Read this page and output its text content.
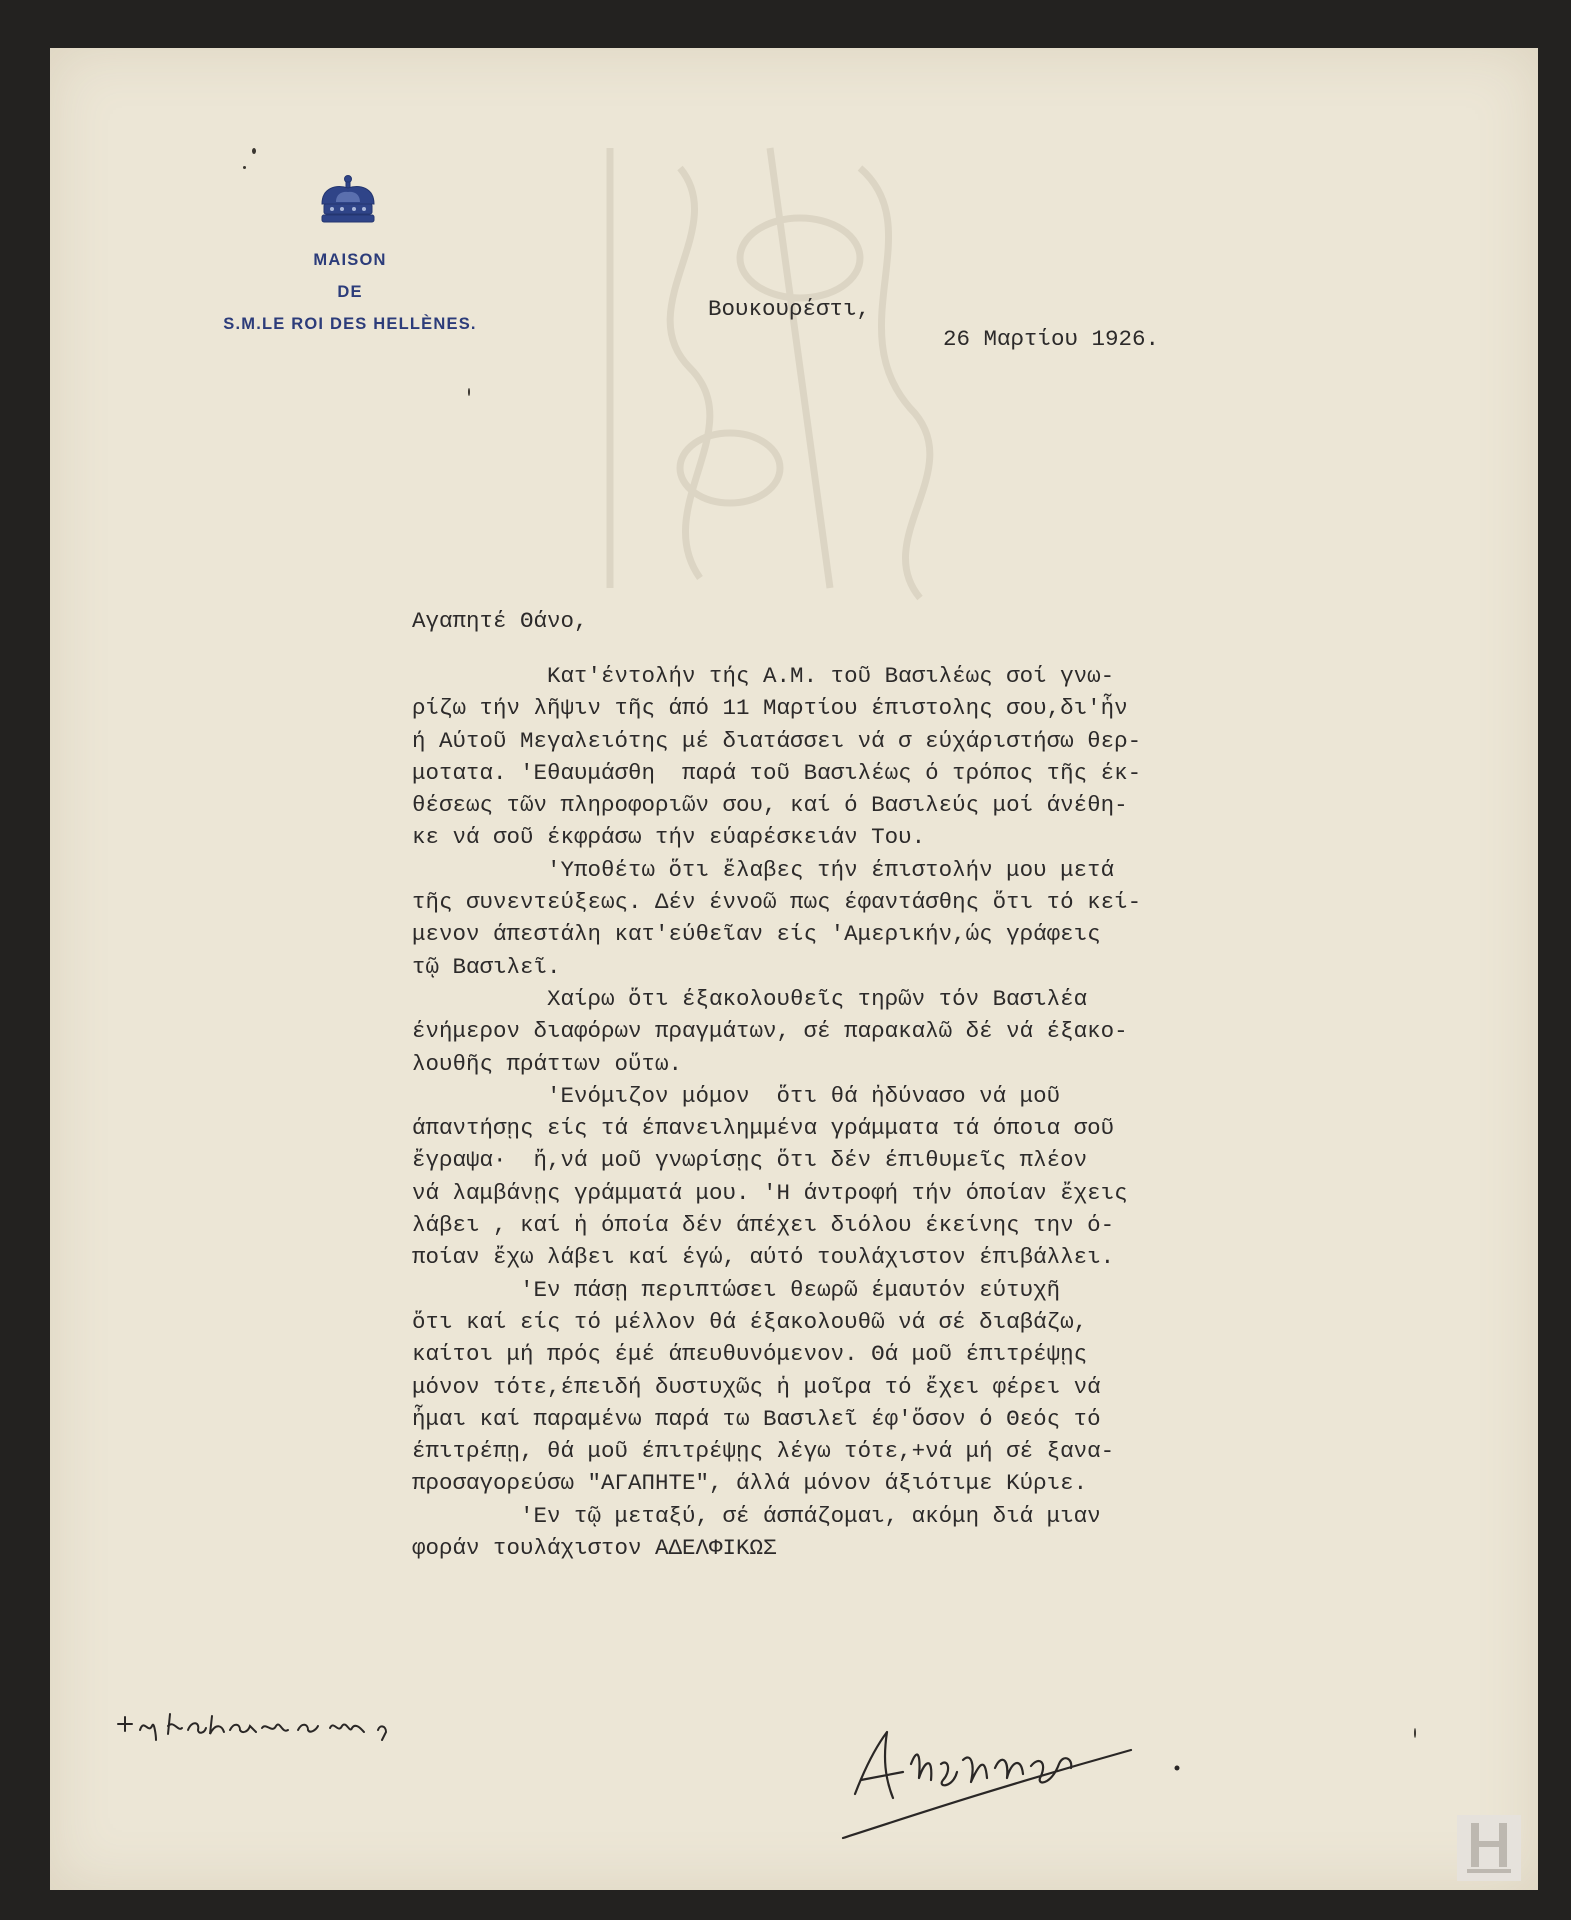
MAISON
DE
S.M.LE ROI DES HELLÈNES.
Βουκουρέστι,
26 Μαρτίου 1926.
Αγαπητέ Θάνο,
Κατ'έντολήν τής Α.Μ. τοῦ Βασιλέως σοί γνω-
ρίζω τήν λῆψιν τῆς άπό 11 Μαρτίου έπιστολης σου,δι'ἧν
ή Αύτοῦ Μεγαλειότης μέ διατάσσει νά σ εύχάριστήσω θερ-
μοτατα. 'Εθαυμάσθη  παρά τοῦ Βασιλέως ό τρόπος τῆς έκ-
θέσεως τῶν πληροφοριῶν σου, καί ό Βασιλεύς μοί άνέθη-
κε νά σοῦ έκφράσω τήν εύαρέσκειάν Του.
'Υποθέτω ὅτι ἔλαβες τήν έπιστολήν μου μετά
τῆς συνεντεύξεως. Δέν έννοῶ πως έφαντάσθης ὅτι τό κεί-
μενον άπεστάλη κατ'εύθεῖαν είς 'Αμερικήν,ώς γράφεις
τῷ Βασιλεῖ.
Χαίρω ὅτι έξακολουθεῖς τηρῶν τόν Βασιλέα
ένήμερον διαφόρων πραγμάτων, σέ παρακαλῶ δέ νά έξακο-
λουθῆς πράττων οὕτω.
'Ενόμιζον μόμον  ὅτι θά ἠδύνασο νά μοῦ
άπαντήσῃς είς τά έπανειλημμένα γράμματα τά όποια σοῦ
ἔγραψα·  ἤ,νά μοῦ γνωρίσῃς ὅτι δέν έπιθυμεῖς πλέον
νά λαμβάνῃς γράμματά μου. 'Η άντροφή τήν όποίαν ἔχεις
λάβει , καί ἡ όποία δέν άπέχει διόλου έκείνης την ό-
ποίαν ἔχω λάβει καί έγώ, αύτό τουλάχιστον έπιβάλλει.
'Εν πάσῃ περιπτώσει θεωρῶ έμαυτόν εύτυχῆ
ὅτι καί είς τό μέλλον θά έξακολουθῶ νά σέ διαβάζω,
καίτοι μή πρός έμέ άπευθυνόμενον. Θά μοῦ έπιτρέψῃς
μόνον τότε,έπειδή δυστυχῶς ἡ μοῖρα τό ἔχει φέρει νά
ἦμαι καί παραμένω παρά τω Βασιλεῖ έφ'ὅσον ό Θεός τό
έπιτρέπῃ, θά μοῦ έπιτρέψῃς λέγω τότε,+νά μή σέ ξανα-
προσαγορεύσω "ΑΓΑΠΗΤΕ", άλλά μόνον άξιότιμε Κύριε.
'Εν τῷ μεταξύ, σέ άσπάζομαι, ακόμη διά μιαν
φοράν τουλάχιστον ΑΔΕΛΦΙΚΩΣ
